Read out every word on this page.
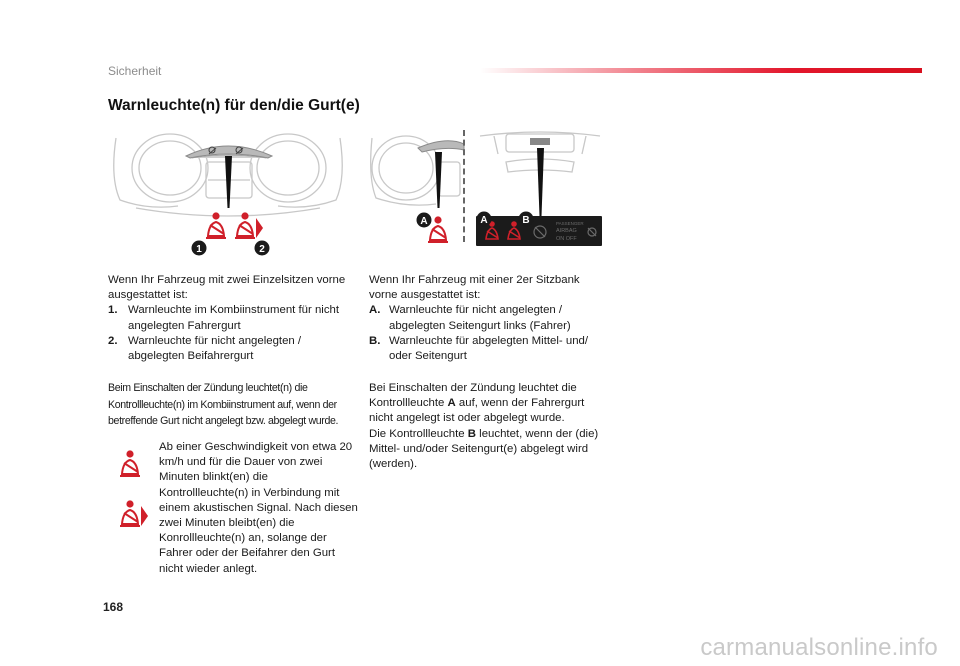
Sicherheit
Warnleuchte(n) für den/die Gurt(e)
1	2
A	PASSENGER
AIRBAG
ON OFF
A	B

Wenn Ihr Fahrzeug mit zwei Einzelsitzen vorne ausgestattet ist:

1. Warnleuchte im Kombiinstrument für nicht angelegten Fahrergurt
2. Warnleuchte für nicht angelegten / abgelegten Beifahrergurt
Beim Einschalten der Zündung leuchtet(n) die Kontrollleuchte(n) im Kombiinstrument auf, wenn der betreffende Gurt nicht angelegt bzw. abgelegt wurde.
Ab einer Geschwindigkeit von etwa 20 km/h und für die Dauer von zwei Minuten blinkt(en) die Kontrollleuchte(n) in Verbindung mit einem akustischen Signal. Nach diesen zwei Minuten bleibt(en) die Konrollleuchte(n) an, solange der Fahrer oder der Beifahrer den Gurt nicht wieder anlegt.

Wenn Ihr Fahrzeug mit einer 2er Sitzbank vorne ausgestattet ist:

A. Warnleuchte für nicht angelegten / abgelegten Seitengurt links (Fahrer)
B. Warnleuchte für abgelegten Mittel- und/ oder Seitengurt
Bei Einschalten der Zündung leuchtet die Kontrollleuchte A auf, wenn der Fahrergurt nicht angelegt ist oder abgelegt wurde.
Die Kontrollleuchte B leuchtet, wenn der (die) Mittel- und/oder Seitengurt(e) abgelegt wird (werden).
168
carmanualsonline.info
